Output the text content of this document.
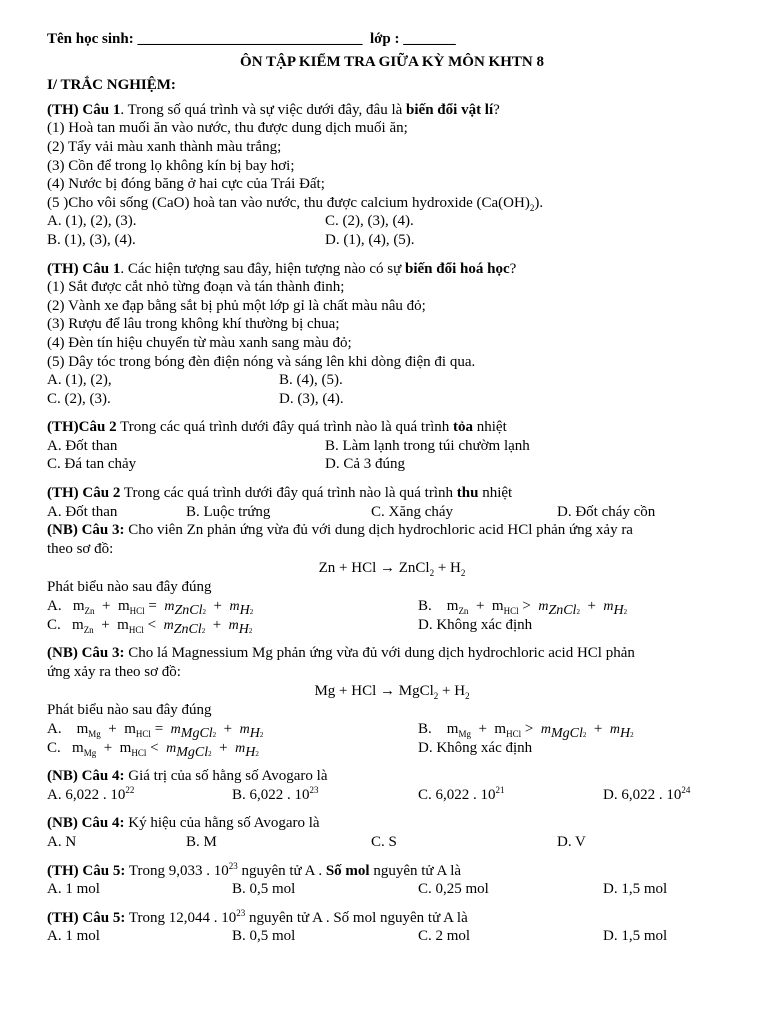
Tên học sinh: ______________________________ lớp : _______
ÔN TẬP KIỂM TRA GIỮA KỲ MÔN KHTN 8
I/ TRẮC NGHIỆM:
(TH) Câu 1. Trong số quá trình và sự việc dưới đây, đâu là biến đổi vật lí?
(1) Hoà tan muối ăn vào nước, thu được dung dịch muối ăn;
(2) Tẩy vải màu xanh thành màu trắng;
(3) Cồn để trong lọ không kín bị bay hơi;
(4) Nước bị đóng băng ở hai cực của Trái Đất;
(5 )Cho vôi sống (CaO) hoà tan vào nước, thu được calcium hydroxide $(Ca(OH)_2)$.
A. (1), (2), (3).	C. (2), (3), (4).
B. (1), (3), (4).	D. (1), (4), (5).
(TH) Câu 1. Các hiện tượng sau đây, hiện tượng nào có sự biến đổi hoá học?
(1) Sắt được cắt nhỏ từng đoạn và tán thành đinh;
(2) Vành xe đạp bằng sắt bị phủ một lớp gỉ là chất màu nâu đỏ;
(3) Rượu để lâu trong không khí thường bị chua;
(4) Đèn tín hiệu chuyển từ màu xanh sang màu đỏ;
(5) Dây tóc trong bóng đèn điện nóng và sáng lên khi dòng điện đi qua.
A. (1), (2),	B. (4), (5).
C. (2), (3).	D. (3), (4).
(TH)Câu 2 Trong các quá trình dưới đây quá trình nào là quá trình tỏa nhiệt
A. Đốt than	B. Làm lạnh trong túi chườm lạnh
C. Đá tan chảy	D. Cả 3 đúng
(TH) Câu 2 Trong các quá trình dưới đây quá trình nào là quá trình thu nhiệt
A. Đốt than	B. Luộc trứng	C. Xăng cháy	D. Đốt cháy cồn
(NB) Câu 3: Cho viên Zn phản ứng vừa đủ với dung dịch hydrochloric acid HCl phản ứng xảy ra
theo sơ đồ:
Zn + HCl → ZnCl$_2$ + $H_2$
Phát biểu nào sau đây đúng
A. $m_{Zn} + m_{HCl} = m_{ZnCl2} + m_{H2}$	B. $m_{Zn} + m_{HCl} > m_{ZnCl2} + m_{H2}$
C. $m_{Zn} + m_{HCl} < m_{ZnCl2} + m_{H2}$	D. Không xác định
(NB) Câu 3: Cho lá Magnessium Mg phản ứng vừa đủ với dung dịch hydrochloric acid HCl phản
ứng xảy ra theo sơ đồ:
Mg + HCl → MgCl$_2$ + $H_2$
Phát biểu nào sau đây đúng
A. $m_{Mg} + m_{HCl} = m_{MgCl2} + m_{H2}$	B. $m_{Mg} + m_{HCl} > m_{MgCl2} + m_{H2}$
C. $m_{Mg} + m_{HCl} < m_{MgCl2} + m_{H2}$	D. Không xác định
(NB) Câu 4: Giá trị của số hằng số Avogaro là
A. 6,022 . $10^{22}$	B. 6,022 . $10^{23}$	C. 6,022 . $10^{21}$	D. 6,022 . $10^{24}$
(NB) Câu 4: Ký hiệu của hằng số Avogaro là
A. N	B. M	C. S	D. V
(TH) Câu 5: Trong 9,033 . $10^{23}$ nguyên tử A . Số mol nguyên tử A là
A. 1 mol	B. 0,5 mol	C. 0,25 mol	D. 1,5 mol
(TH) Câu 5: Trong 12,044 . $10^{23}$ nguyên tử A . Số mol nguyên tử A là
A. 1 mol	B. 0,5 mol	C. 2 mol	D. 1,5 mol
